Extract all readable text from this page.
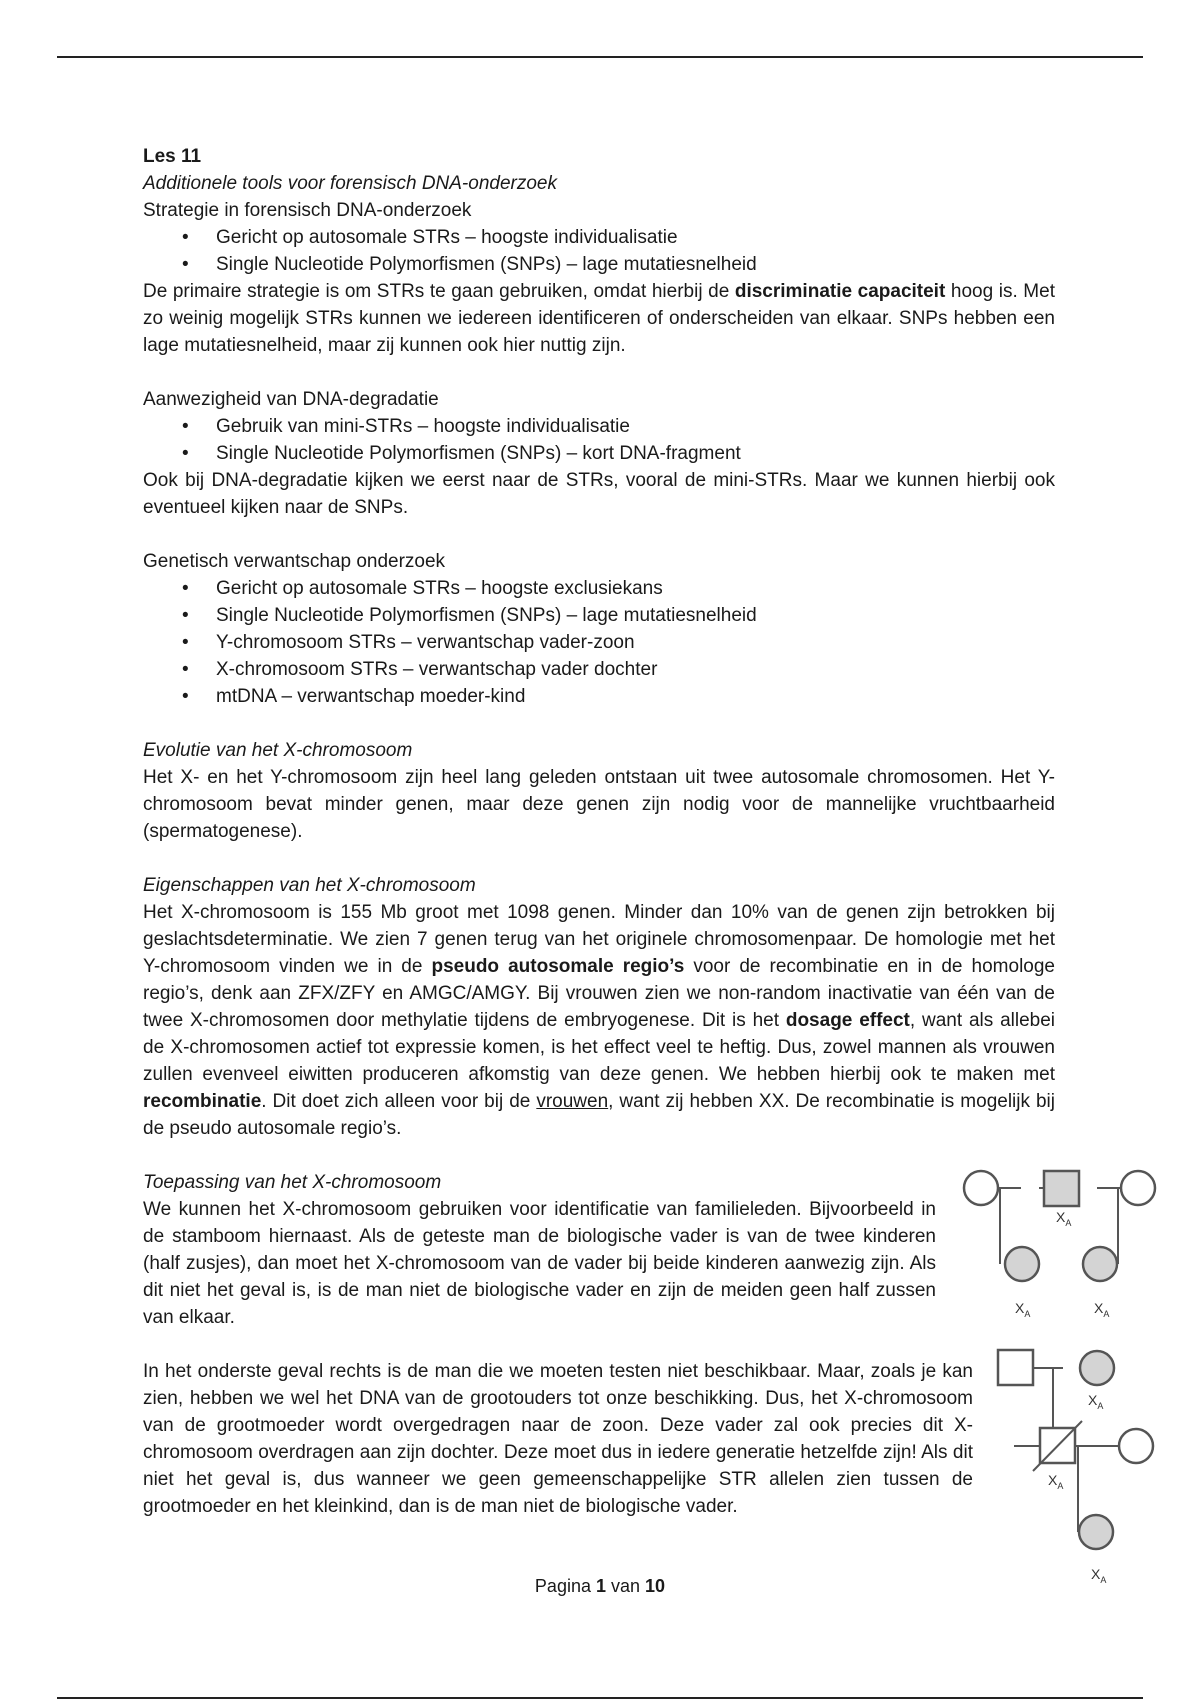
Les 11

Additionele tools voor forensisch DNA-onderzoek

Strategie in forensisch DNA-onderzoek

• Gericht op autosomale STRs – hoogste individualisatie
• Single Nucleotide Polymorfismen (SNPs) – lage mutatiesnelheid

De primaire strategie is om STRs te gaan gebruiken, omdat hierbij de discriminatie capaciteit hoog is. Met zo weinig mogelijk STRs kunnen we iedereen identificeren of onderscheiden van elkaar. SNPs hebben een lage mutatiesnelheid, maar zij kunnen ook hier nuttig zijn.

Aanwezigheid van DNA-degradatie

• Gebruik van mini-STRs – hoogste individualisatie
• Single Nucleotide Polymorfismen (SNPs) – kort DNA-fragment

Ook bij DNA-degradatie kijken we eerst naar de STRs, vooral de mini-STRs. Maar we kunnen hierbij ook eventueel kijken naar de SNPs.

Genetisch verwantschap onderzoek

• Gericht op autosomale STRs – hoogste exclusiekans
• Single Nucleotide Polymorfismen (SNPs) – lage mutatiesnelheid
• Y-chromosoom STRs – verwantschap vader-zoon
• X-chromosoom STRs – verwantschap vader dochter
• mtDNA – verwantschap moeder-kind

Evolutie van het X-chromosoom

Het X- en het Y-chromosoom zijn heel lang geleden ontstaan uit twee autosomale chromosomen. Het Y-chromosoom bevat minder genen, maar deze genen zijn nodig voor de mannelijke vruchtbaarheid (spermatogenese).

Eigenschappen van het X-chromosoom

Het X-chromosoom is 155 Mb groot met 1098 genen. Minder dan 10% van de genen zijn betrokken bij geslachtsdeterminatie. We zien 7 genen terug van het originele chromosomenpaar. De homologie met het Y-chromosoom vinden we in de pseudo autosomale regio’s voor de recombinatie en in de homologe regio’s, denk aan ZFX/ZFY en AMGC/AMGY. Bij vrouwen zien we non-random inactivatie van één van de twee X-chromosomen door methylatie tijdens de embryogenese. Dit is het dosage effect, want als allebei de X-chromosomen actief tot expressie komen, is het effect veel te heftig. Dus, zowel mannen als vrouwen zullen evenveel eiwitten produceren afkomstig van deze genen. We hebben hierbij ook te maken met recombinatie. Dit doet zich alleen voor bij de vrouwen, want zij hebben XX. De recombinatie is mogelijk bij de pseudo autosomale regio’s.

Toepassing van het X-chromosoom

We kunnen het X-chromosoom gebruiken voor identificatie van familieleden. Bijvoorbeeld in de stamboom hiernaast. Als de geteste man de biologische vader is van de twee kinderen (half zusjes), dan moet het X-chromosoom van de vader bij beide kinderen aanwezig zijn. Als dit niet het geval is, is de man niet de biologische vader en zijn de meiden geen half zussen van elkaar.

In het onderste geval rechts is de man die we moeten testen niet beschikbaar. Maar, zoals je kan zien, hebben we wel het DNA van de grootouders tot onze beschikking. Dus, het X-chromosoom van de grootmoeder wordt overgedragen naar de zoon. Deze vader zal ook precies dit X-chromosoom overdragen aan zijn dochter. Deze moet dus in iedere generatie hetzelfde zijn! Als dit niet het geval is, dus wanneer we geen gemeenschappelijke STR allelen zien tussen de grootmoeder en het kleinkind, dan is de man niet de biologische vader.

$X_A$
$X_A$	$X_A$
$X_A$
$X_A$
$X_A$
Pagina 1 van 10
